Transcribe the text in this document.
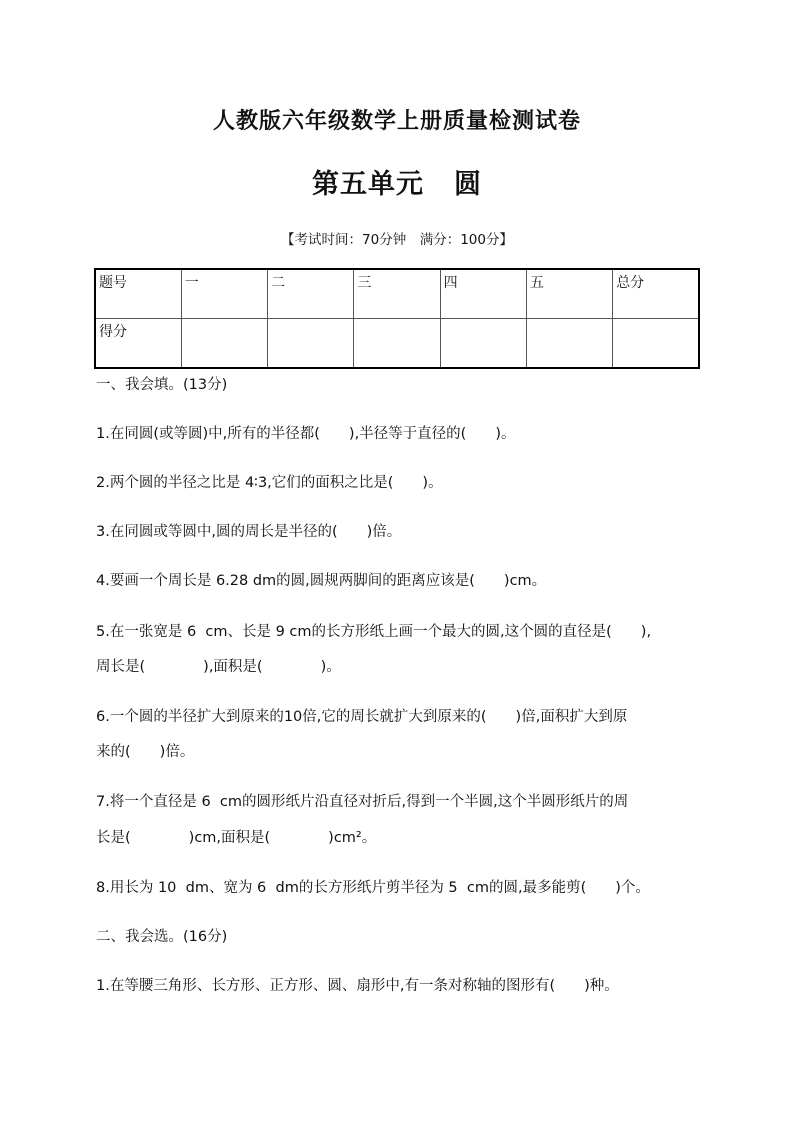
人教版六年级数学上册质量检测试卷
第五单元 圆
【考试时间：70分钟　满分：100分】
题号	一	二	三	四	五	总分
得分						
一、我会填。(13分)
1.在同圆(或等圆)中,所有的半径都(　　),半径等于直径的(　　)。
2.两个圆的半径之比是 4∶3,它们的面积之比是(　　)。
3.在同圆或等圆中,圆的周长是半径的(　　)倍。
4.要画一个周长是 6.28 dm的圆,圆规两脚间的距离应该是(　　)cm。
5.在一张宽是 6  cm、长是 9 cm的长方形纸上画一个最大的圆,这个圆的直径是(　　),
周长是(　　　　),面积是(　　　　)。
6.一个圆的半径扩大到原来的10倍,它的周长就扩大到原来的(　　)倍,面积扩大到原
来的(　　)倍。
7.将一个直径是 6  cm的圆形纸片沿直径对折后,得到一个半圆,这个半圆形纸片的周
长是(　　　　)cm,面积是(　　　　)cm²。
8.用长为 10  dm、宽为 6  dm的长方形纸片剪半径为 5  cm的圆,最多能剪(　　)个。
二、我会选。(16分)
1.在等腰三角形、长方形、正方形、圆、扇形中,有一条对称轴的图形有(　　)种。
